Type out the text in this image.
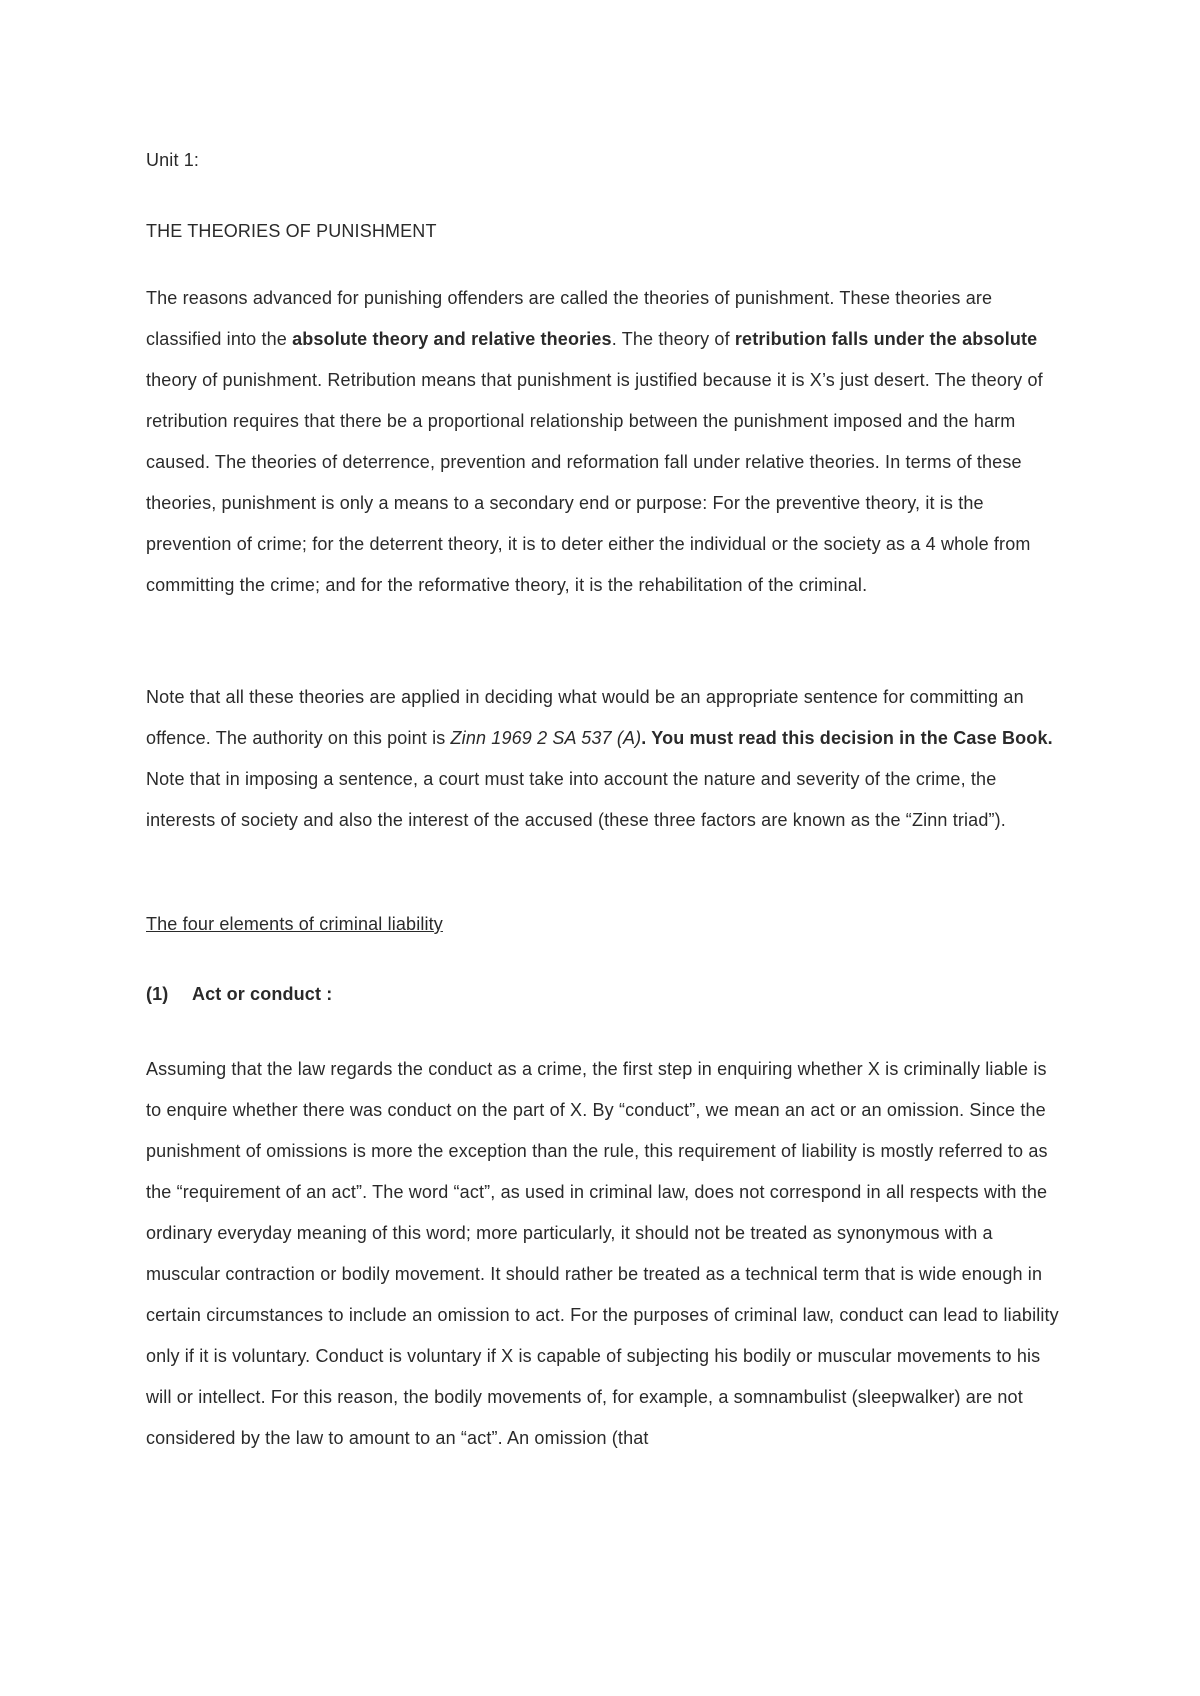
Unit 1:
THE THEORIES OF PUNISHMENT
The reasons advanced for punishing offenders are called the theories of punishment. These theories are classified into the absolute theory and relative theories. The theory of retribution falls under the absolute theory of punishment. Retribution means that punishment is justified because it is X’s just desert. The theory of retribution requires that there be a proportional relationship between the punishment imposed and the harm caused. The theories of deterrence, prevention and reformation fall under relative theories. In terms of these theories, punishment is only a means to a secondary end or purpose: For the preventive theory, it is the prevention of crime; for the deterrent theory, it is to deter either the individual or the society as a 4 whole from committing the crime; and for the reformative theory, it is the rehabilitation of the criminal.
Note that all these theories are applied in deciding what would be an appropriate sentence for committing an offence. The authority on this point is Zinn 1969 2 SA 537 (A). You must read this decision in the Case Book. Note that in imposing a sentence, a court must take into account the nature and severity of the crime, the interests of society and also the interest of the accused (these three factors are known as the “Zinn triad”).
The four elements of criminal liability
(1) Act or conduct :
Assuming that the law regards the conduct as a crime, the first step in enquiring whether X is criminally liable is to enquire whether there was conduct on the part of X. By “conduct”, we mean an act or an omission. Since the punishment of omissions is more the exception than the rule, this requirement of liability is mostly referred to as the “requirement of an act”. The word “act”, as used in criminal law, does not correspond in all respects with the ordinary everyday meaning of this word; more particularly, it should not be treated as synonymous with a muscular contraction or bodily movement. It should rather be treated as a technical term that is wide enough in certain circumstances to include an omission to act. For the purposes of criminal law, conduct can lead to liability only if it is voluntary. Conduct is voluntary if X is capable of subjecting his bodily or muscular movements to his will or intellect. For this reason, the bodily movements of, for example, a somnambulist (sleepwalker) are not considered by the law to amount to an “act”. An omission (that
